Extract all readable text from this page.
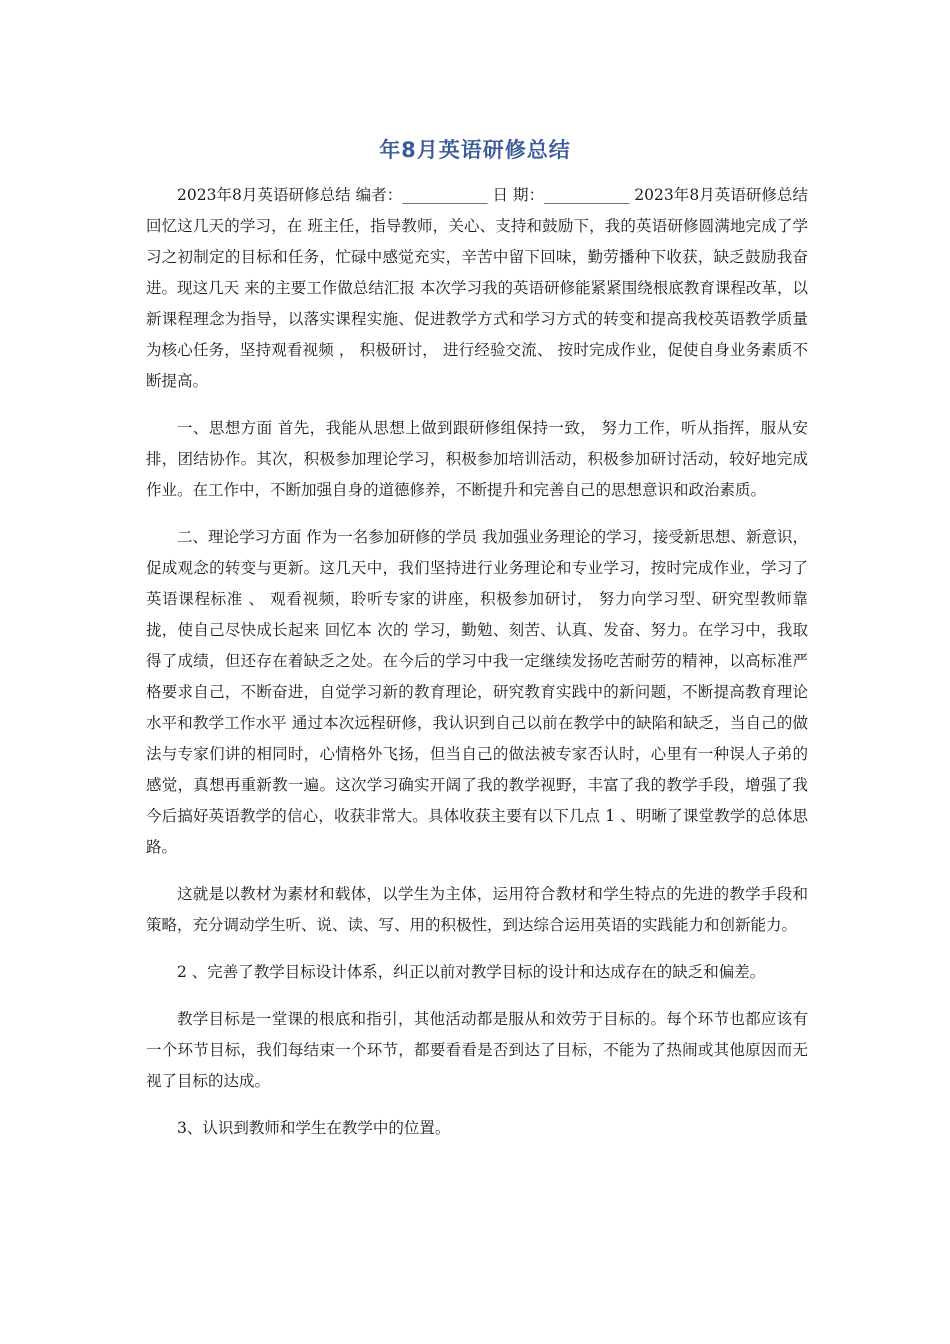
年8月英语研修总结

2023年8月英语研修总结 编者：___________ 日 期：___________ 2023年8月英语研修总结 回忆这几天的学习，在 班主任，指导教师，关心、支持和鼓励下，我的英语研修圆满地完成了学习之初制定的目标和任务，忙碌中感觉充实，辛苦中留下回味，勤劳播种下收获，缺乏鼓励我奋进。现这几天 来的主要工作做总结汇报 本次学习我的英语研修能紧紧围绕根底教育课程改革，以新课程理念为指导，以落实课程实施、促进教学方式和学习方式的转变和提高我校英语教学质量为核心任务，坚持观看视频 ， 积极研讨， 进行经验交流、 按时完成作业，促使自身业务素质不断提高。

一、思想方面 首先，我能从思想上做到跟研修组保持一致， 努力工作，听从指挥，服从安排，团结协作。其次，积极参加理论学习，积极参加培训活动，积极参加研讨活动，较好地完成作业。在工作中，不断加强自身的道德修养，不断提升和完善自己的思想意识和政治素质。

二、理论学习方面 作为一名参加研修的学员 我加强业务理论的学习，接受新思想、新意识，促成观念的转变与更新。这几天中，我们坚持进行业务理论和专业学习，按时完成作业，学习了英语课程标准 、 观看视频，聆听专家的讲座，积极参加研讨， 努力向学习型、研究型教师靠拢，使自己尽快成长起来 回忆本 次的 学习，勤勉、刻苦、认真、发奋、努力。在学习中，我取得了成绩，但还存在着缺乏之处。在今后的学习中我一定继续发扬吃苦耐劳的精神，以高标准严格要求自己，不断奋进，自觉学习新的教育理论，研究教育实践中的新问题，不断提高教育理论水平和教学工作水平 通过本次远程研修，我认识到自己以前在教学中的缺陷和缺乏，当自己的做法与专家们讲的相同时，心情格外飞扬，但当自己的做法被专家否认时，心里有一种误人子弟的感觉，真想再重新教一遍。这次学习确实开阔了我的教学视野，丰富了我的教学手段，增强了我今后搞好英语教学的信心，收获非常大。具体收获主要有以下几点 1 、明晰了课堂教学的总体思路。

这就是以教材为素材和载体，以学生为主体，运用符合教材和学生特点的先进的教学手段和策略，充分调动学生听、说、读、写、用的积极性，到达综合运用英语的实践能力和创新能力。

2 、完善了教学目标设计体系，纠正以前对教学目标的设计和达成存在的缺乏和偏差。

教学目标是一堂课的根底和指引，其他活动都是服从和效劳于目标的。每个环节也都应该有一个环节目标，我们每结束一个环节，都要看看是否到达了目标，不能为了热闹或其他原因而无视了目标的达成。

3、认识到教师和学生在教学中的位置。
